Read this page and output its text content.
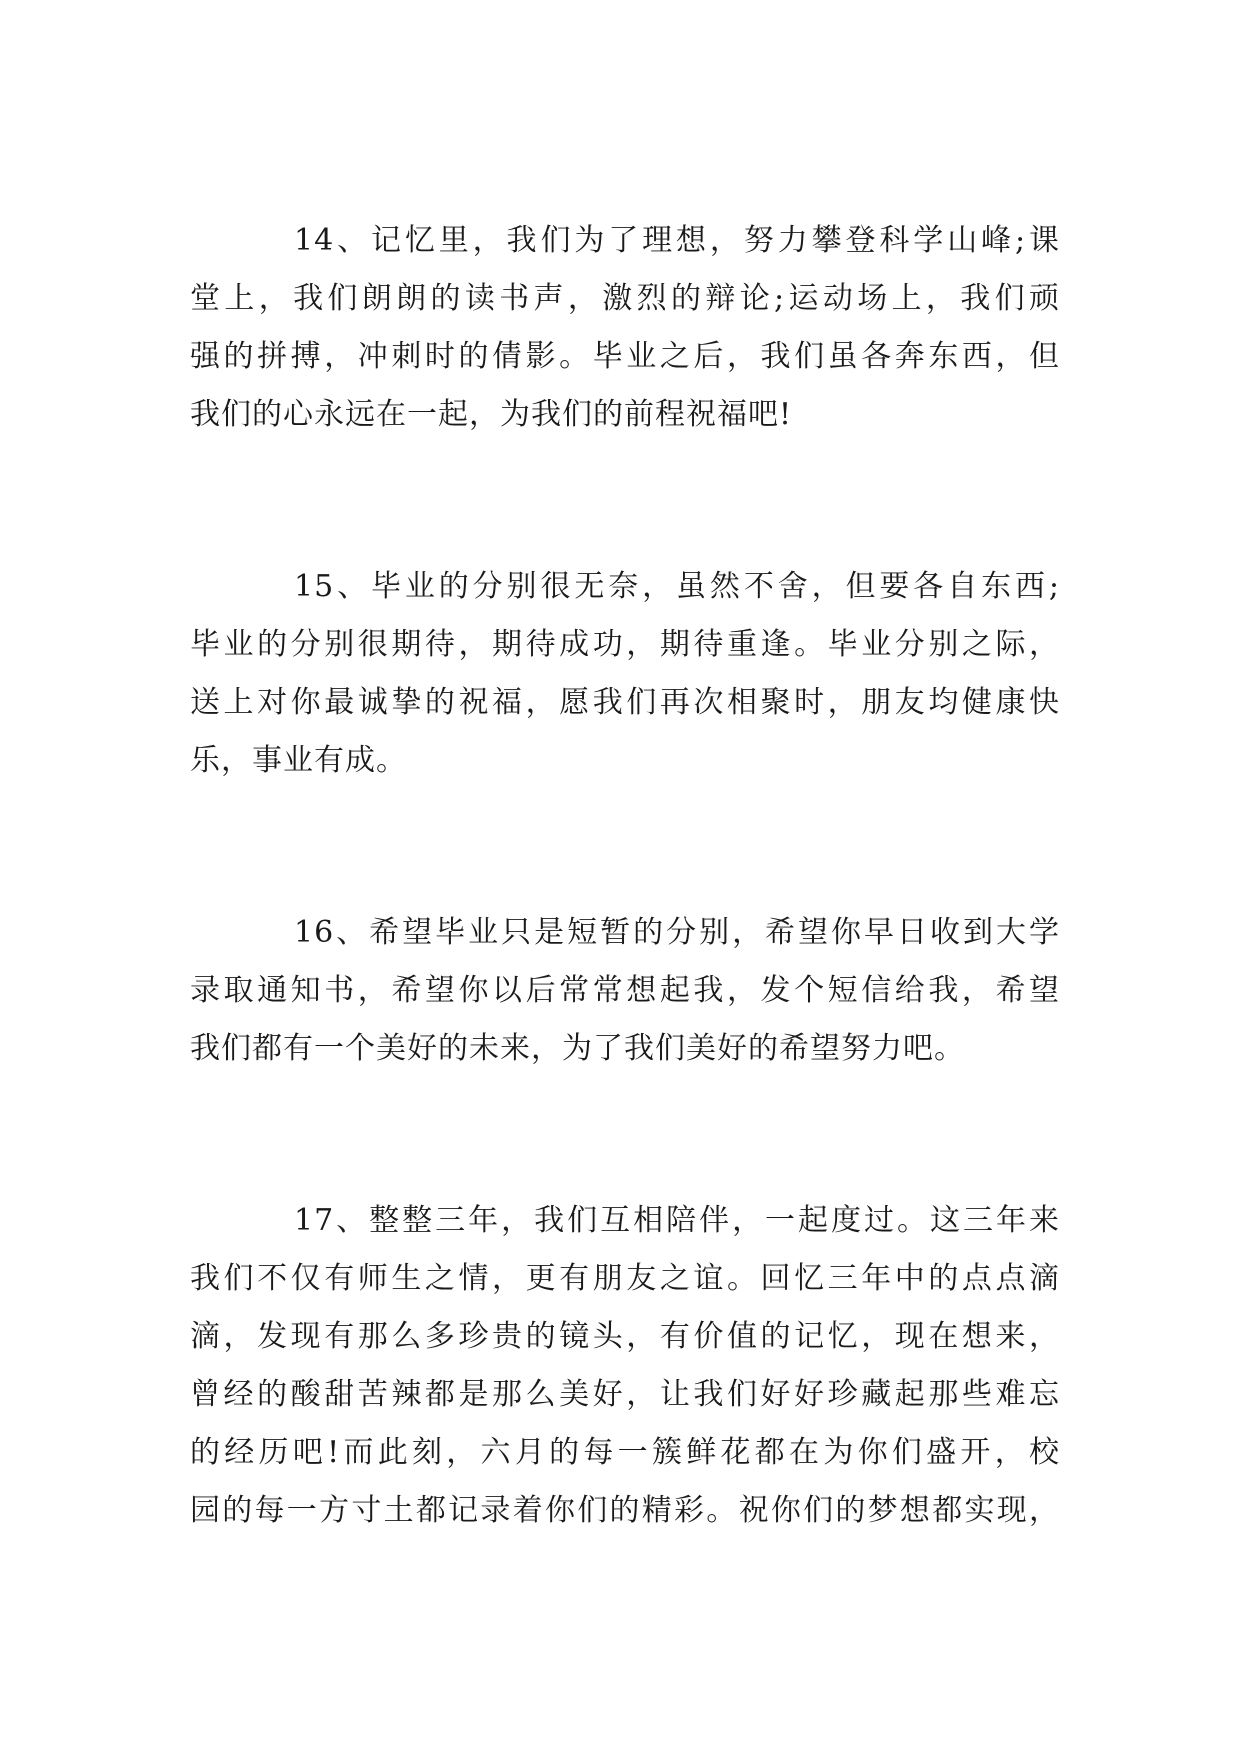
14、记忆里，我们为了理想，努力攀登科学山峰;课
堂上，我们朗朗的读书声，激烈的辩论;运动场上，我们顽
强的拼搏，冲刺时的倩影。毕业之后，我们虽各奔东西，但
我们的心永远在一起，为我们的前程祝福吧!
15、毕业的分别很无奈，虽然不舍，但要各自东西;
毕业的分别很期待，期待成功，期待重逢。毕业分别之际，
送上对你最诚挚的祝福，愿我们再次相聚时，朋友均健康快
乐，事业有成。
16、希望毕业只是短暂的分别，希望你早日收到大学
录取通知书，希望你以后常常想起我，发个短信给我，希望
我们都有一个美好的未来，为了我们美好的希望努力吧。
17、整整三年，我们互相陪伴，一起度过。这三年来
我们不仅有师生之情，更有朋友之谊。回忆三年中的点点滴
滴，发现有那么多珍贵的镜头，有价值的记忆，现在想来，
曾经的酸甜苦辣都是那么美好，让我们好好珍藏起那些难忘
的经历吧!而此刻，六月的每一簇鲜花都在为你们盛开，校
园的每一方寸土都记录着你们的精彩。祝你们的梦想都实现，
